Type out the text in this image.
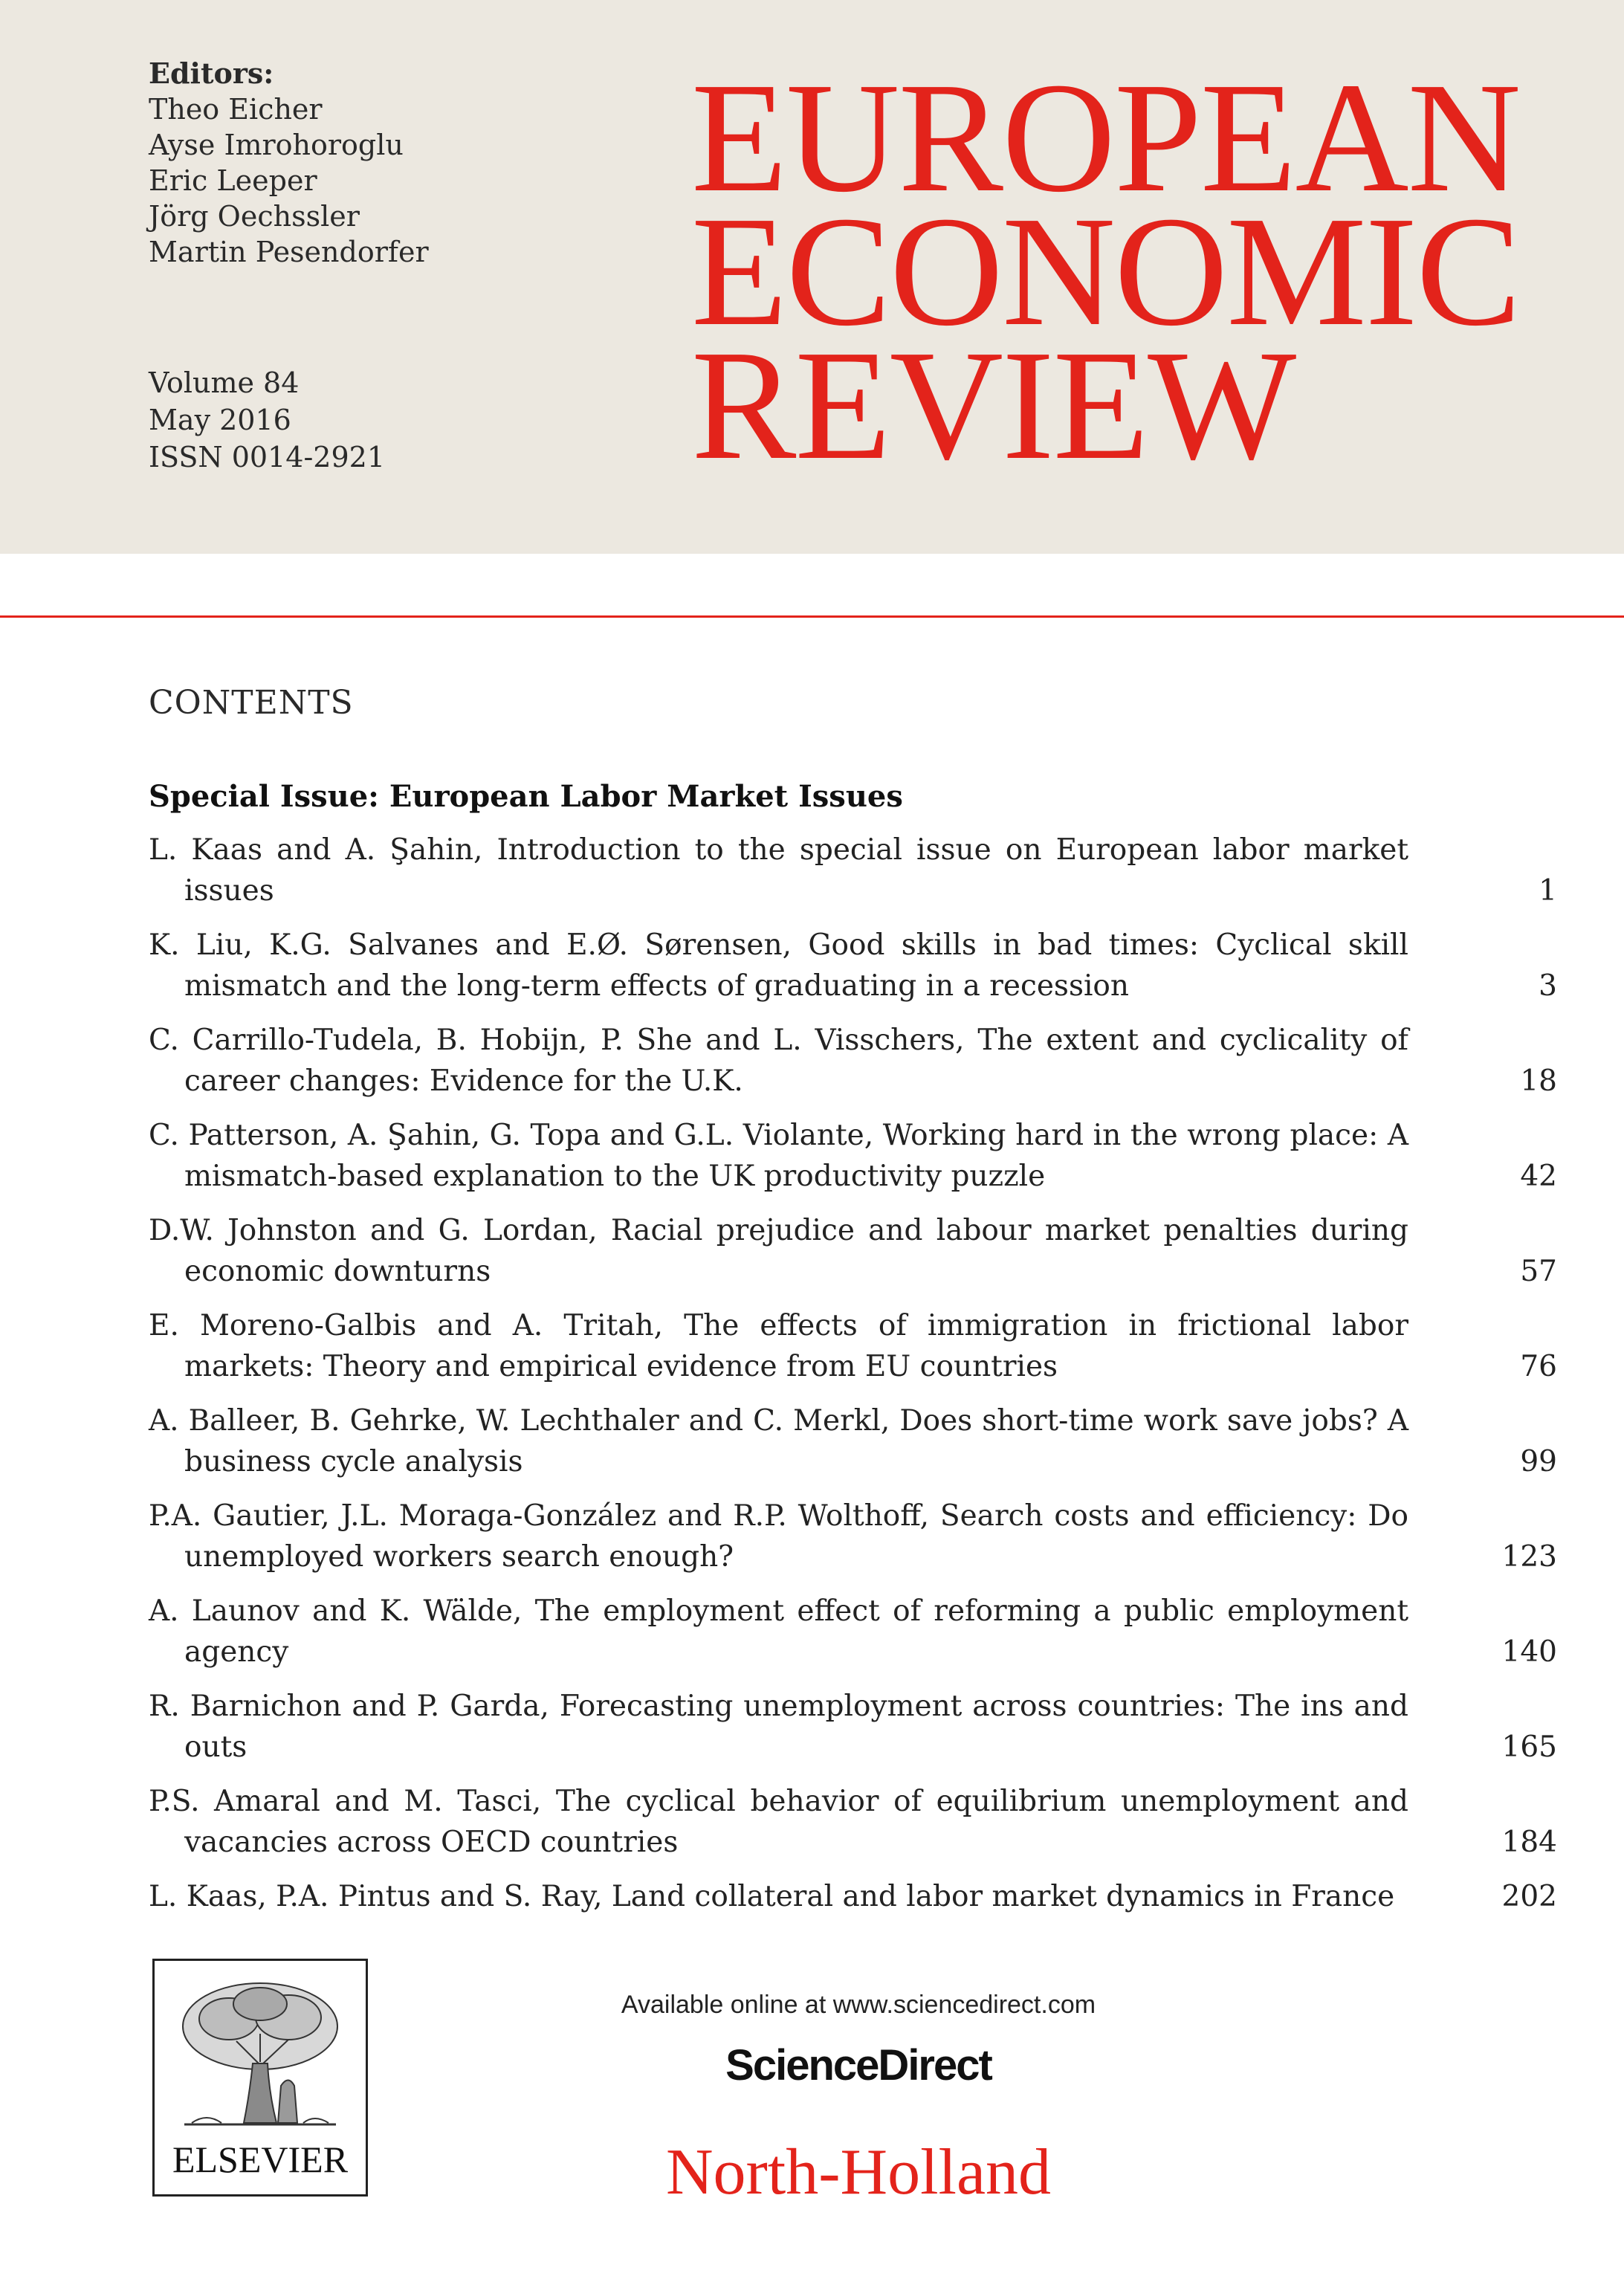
Editors:
Theo Eicher
Ayse Imrohoroglu
Eric Leeper
Jörg Oechssler
Martin Pesendorfer
Volume 84
May 2016
ISSN 0014-2921
EUROPEAN
ECONOMIC
REVIEW
CONTENTS
Special Issue: European Labor Market Issues
L. Kaas and A. Şahin, Introduction to the special issue on European labor market issues	1
K. Liu, K.G. Salvanes and E.Ø. Sørensen, Good skills in bad times: Cyclical skill mismatch and the long-term effects of graduating in a recession	3
C. Carrillo-Tudela, B. Hobijn, P. She and L. Visschers, The extent and cyclicality of career changes: Evidence for the U.K.	18
C. Patterson, A. Şahin, G. Topa and G.L. Violante, Working hard in the wrong place: A mismatch-based explanation to the UK productivity puzzle	42
D.W. Johnston and G. Lordan, Racial prejudice and labour market penalties during economic downturns	57
E. Moreno-Galbis and A. Tritah, The effects of immigration in frictional labor markets: Theory and empirical evidence from EU countries	76
A. Balleer, B. Gehrke, W. Lechthaler and C. Merkl, Does short-time work save jobs? A business cycle analysis	99
P.A. Gautier, J.L. Moraga-González and R.P. Wolthoff, Search costs and efficiency: Do unemployed workers search enough?	123
A. Launov and K. Wälde, The employment effect of reforming a public employment agency	140
R. Barnichon and P. Garda, Forecasting unemployment across countries: The ins and outs	165
P.S. Amaral and M. Tasci, The cyclical behavior of equilibrium unemployment and vacancies across OECD countries	184
L. Kaas, P.A. Pintus and S. Ray, Land collateral and labor market dynamics in France	202
ELSEVIER
Available online at www.sciencedirect.com
ScienceDirect
North-Holland
